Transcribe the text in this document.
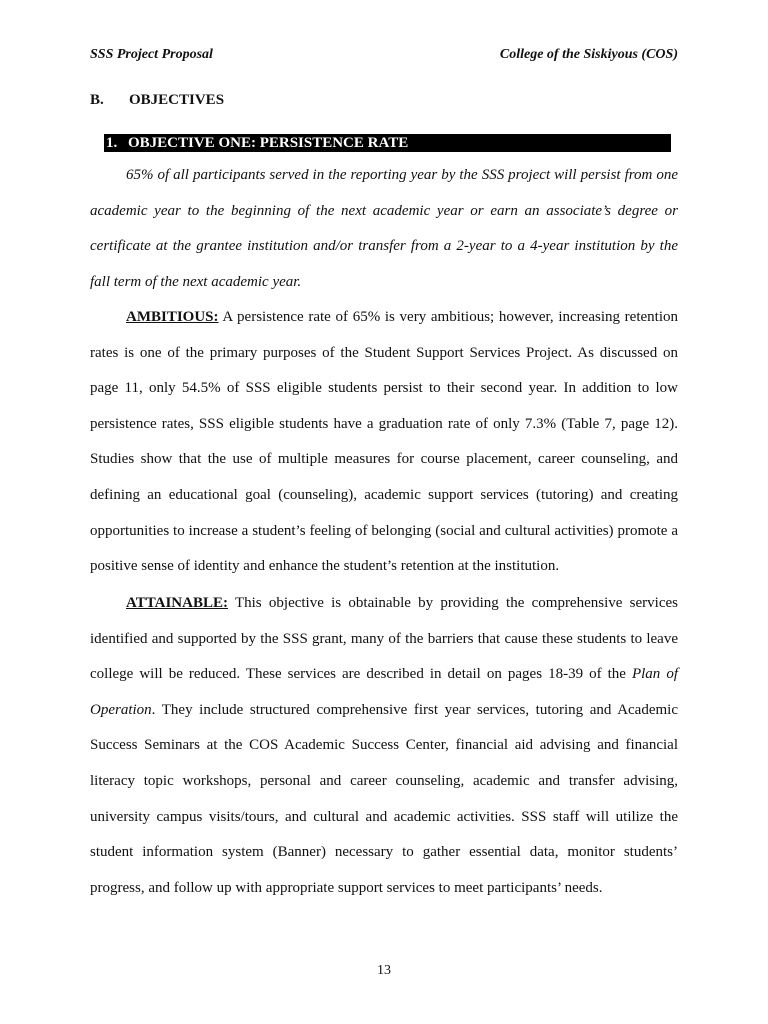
SSS Project Proposal	College of the Siskiyous (COS)
B.	OBJECTIVES
1. OBJECTIVE ONE: PERSISTENCE RATE

65% of all participants served in the reporting year by the SSS project will persist from one academic year to the beginning of the next academic year or earn an associate’s degree or certificate at the grantee institution and/or transfer from a 2-year to a 4-year institution by the fall term of the next academic year.

AMBITIOUS: A persistence rate of 65% is very ambitious; however, increasing retention rates is one of the primary purposes of the Student Support Services Project. As discussed on page 11, only 54.5% of SSS eligible students persist to their second year. In addition to low persistence rates, SSS eligible students have a graduation rate of only 7.3% (Table 7, page 12). Studies show that the use of multiple measures for course placement, career counseling, and defining an educational goal (counseling), academic support services (tutoring) and creating opportunities to increase a student’s feeling of belonging (social and cultural activities) promote a positive sense of identity and enhance the student’s retention at the institution.

ATTAINABLE: This objective is obtainable by providing the comprehensive services identified and supported by the SSS grant, many of the barriers that cause these students to leave college will be reduced. These services are described in detail on pages 18-39 of the Plan of Operation. They include structured comprehensive first year services, tutoring and Academic Success Seminars at the COS Academic Success Center, financial aid advising and financial literacy topic workshops, personal and career counseling, academic and transfer advising, university campus visits/tours, and cultural and academic activities. SSS staff will utilize the student information system (Banner) necessary to gather essential data, monitor students’ progress, and follow up with appropriate support services to meet participants’ needs.

13
